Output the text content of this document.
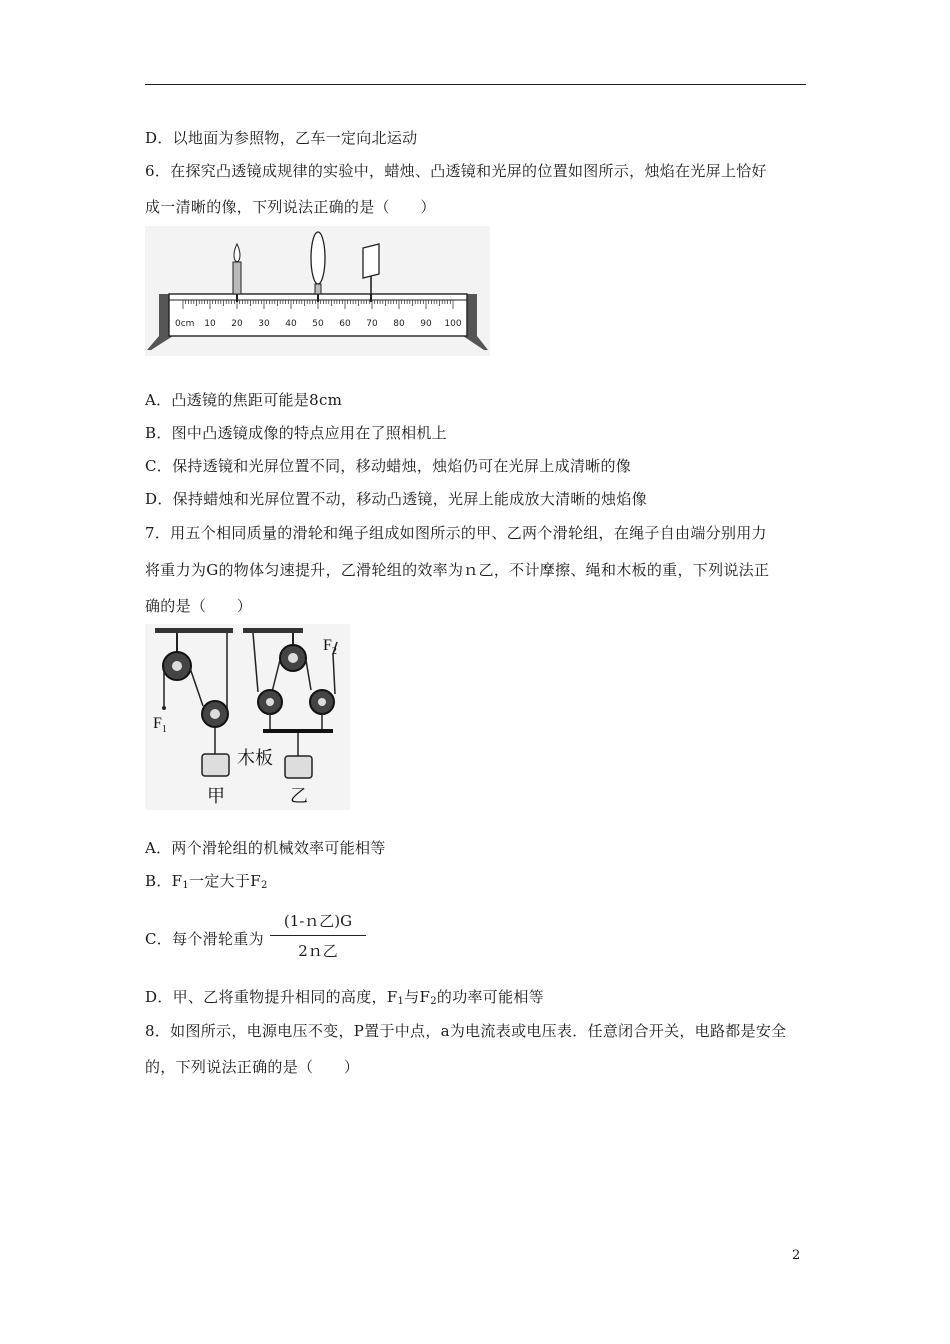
D．以地面为参照物，乙车一定向北运动
6．在探究凸透镜成规律的实验中，蜡烛、凸透镜和光屏的位置如图所示，烛焰在光屏上恰好
成一清晰的像，下列说法正确的是（　　）
0cm 10 20 30 40 50 60 70 80 90 100
A．凸透镜的焦距可能是8cm
B．图中凸透镜成像的特点应用在了照相机上
C．保持透镜和光屏位置不同，移动蜡烛，烛焰仍可在光屏上成清晰的像
D．保持蜡烛和光屏位置不动，移动凸透镜，光屏上能成放大清晰的烛焰像
7．用五个相同质量的滑轮和绳子组成如图所示的甲、乙两个滑轮组，在绳子自由端分别用力
将重力为G的物体匀速提升，乙滑轮组的效率为ｎ乙，不计摩擦、绳和木板的重，下列说法正
确的是（　　）
$F_1$
$F_2$
木板
甲	乙
A．两个滑轮组的机械效率可能相等
B．$F_1$一定大于$F_2$
C．每个滑轮重为
(1-ｎ乙)G
2ｎ乙
D．甲、乙将重物提升相同的高度，$F_1$与$F_2$的功率可能相等
8．如图所示，电源电压不变，P置于中点，a为电流表或电压表．任意闭合开关，电路都是安全
的，下列说法正确的是（　　）
2
